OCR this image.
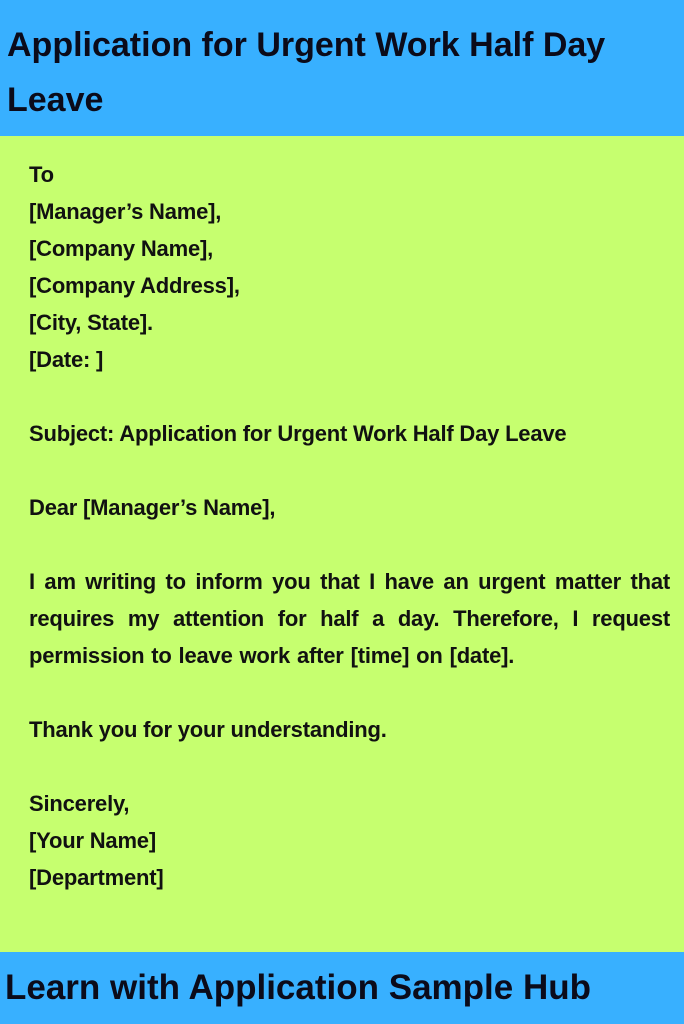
Application for Urgent Work Half Day Leave
To
[Manager’s Name],
[Company Name],
[Company Address],
[City, State].
[Date: ]
Subject: Application for Urgent Work Half Day Leave
Dear [Manager’s Name],
I am writing to inform you that I have an urgent matter that requires my attention for half a day. Therefore, I request permission to leave work after [time] on [date].
Thank you for your understanding.
Sincerely,
[Your Name]
[Department]

Learn with Application Sample Hub
